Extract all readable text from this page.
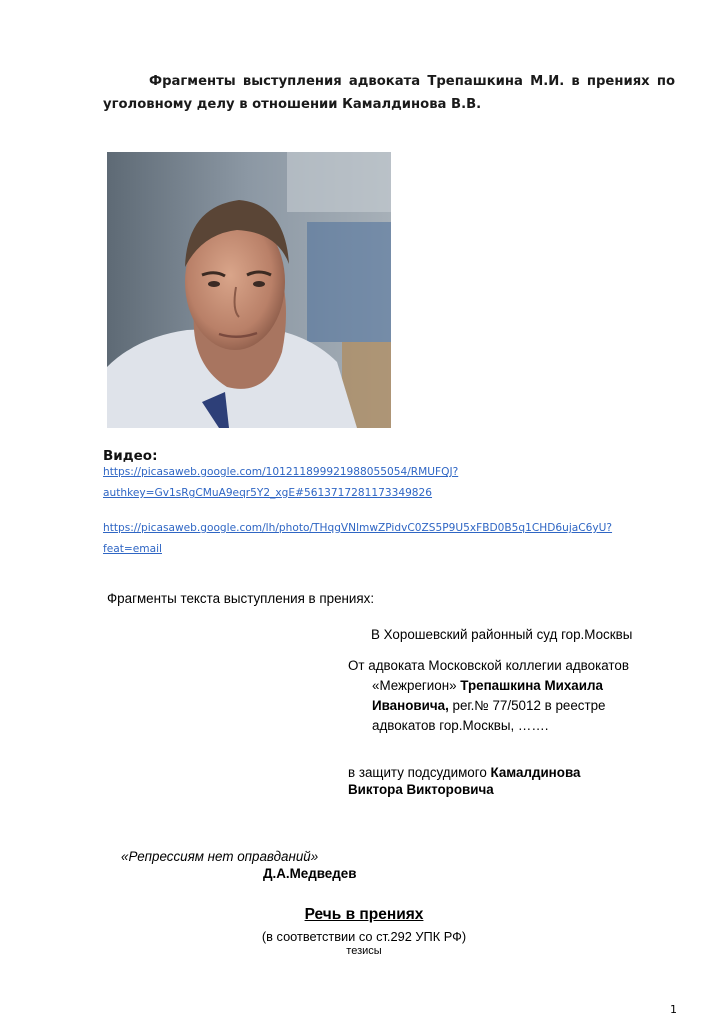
Фрагменты выступления адвоката Трепашкина М.И. в прениях по
уголовному делу в отношении Камалдинова В.В.
Видео:
https://picasaweb.google.com/101211899921988055054/RMUFQJ?
authkey=Gv1sRgCMuA9eqr5Y2_xgE#5613717281173349826
https://picasaweb.google.com/lh/photo/THqgVNlmwZPidvC0ZS5P9U5xFBD0B5q1CHD6ujaC6yU?
feat=email
Фрагменты текста выступления в прениях:
В Хорошевский районный суд гор.Москвы
От адвоката Московской коллегии адвокатов
«Межрегион» Трепашкина Михаила
Ивановича, рег.№ 77/5012 в реестре
адвокатов гор.Москвы, …….
в защиту подсудимого Камалдинова
Виктора Викторовича
«Репрессиям нет оправданий»
Д.А.Медведев
Речь в прениях
(в соответствии со ст.292 УПК РФ)
тезисы
1
